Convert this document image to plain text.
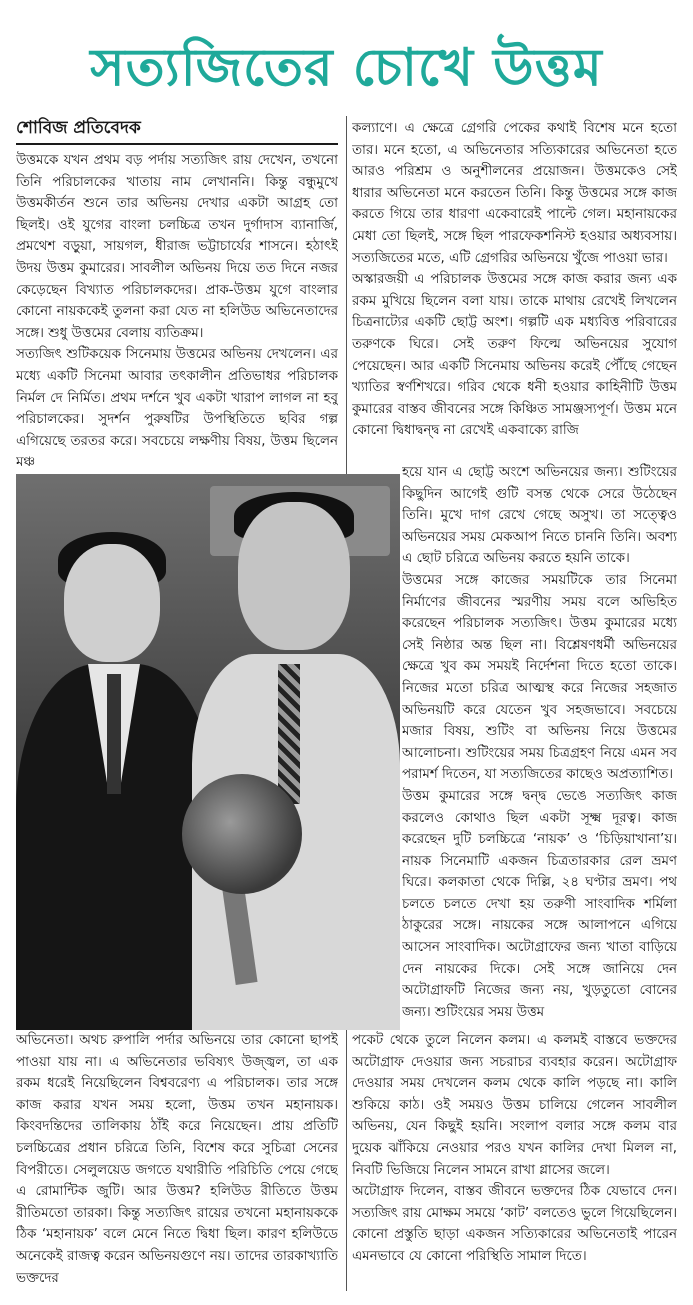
সত্যজিতের চোখে উত্তম
শোবিজ প্রতিবেদক

উত্তমকে যখন প্রথম বড় পর্দায় সত্যজিৎ রায় দেখেন, তখনো তিনি পরিচালকের খাতায় নাম লেখাননি। কিন্তু বন্ধুমুখে উত্তমকীর্তন শুনে তার অভিনয় দেখার একটা আগ্রহ তো ছিলই। ওই যুগের বাংলা চলচ্চিত্র তখন দুর্গাদাস ব্যানার্জি, প্রমথেশ বড়ুয়া, সায়গল, ধীরাজ ভট্টাচার্যের শাসনে। হঠাৎই উদয় উত্তম কুমারের। সাবলীল অভিনয় দিয়ে তত দিনে নজর কেড়েছেন বিখ্যাত পরিচালকদের। প্রাক-উত্তম যুগে বাংলার কোনো নায়ককেই তুলনা করা যেত না হলিউড অভিনেতাদের সঙ্গে। শুধু উত্তমের বেলায় ব্যতিক্রম।

সত্যজিৎ শুটিকয়েক সিনেমায় উত্তমের অভিনয় দেখলেন। এর মধ্যে একটি সিনেমা আবার তৎকালীন প্রতিভাধর পরিচালক নির্মল দে নির্মিত। প্রথম দর্শনে খুব একটা খারাপ লাগল না হবু পরিচালকের। সুদর্শন পুরুষটির উপস্থিতিতে ছবির গল্প এগিয়েছে তরতর করে। সবচেয়ে লক্ষণীয় বিষয়, উত্তম ছিলেন মঞ্চ

অভিনেতা। অথচ রুপালি পর্দার অভিনয়ে তার কোনো ছাপই পাওয়া যায় না। এ অভিনেতার ভবিষ্যৎ উজ্জ্বল, তা এক রকম ধরেই নিয়েছিলেন বিশ্ববরেণ্য এ পরিচালক। তার সঙ্গে কাজ করার যখন সময় হলো, উত্তম তখন মহানায়ক। কিংবদন্তিদের তালিকায় ঠাঁই করে নিয়েছেন। প্রায় প্রতিটি চলচ্চিত্রের প্রধান চরিত্রে তিনি, বিশেষ করে সুচিত্রা সেনের বিপরীতে। সেলুলয়েড জগতে যথারীতি পরিচিতি পেয়ে গেছে এ রোমান্টিক জুটি। আর উত্তম? হলিউড রীতিতে উত্তম রীতিমতো তারকা। কিন্তু সত্যজিৎ রায়ের তখনো মহানায়ককে ঠিক ‘মহানায়ক’ বলে মেনে নিতে দ্বিধা ছিল। কারণ হলিউডে অনেকেই রাজত্ব করেন অভিনয়গুণে নয়। তাদের তারকাখ্যাতি ভক্তদের

কল্যাণে। এ ক্ষেত্রে গ্রেগরি পেকের কথাই বিশেষ মনে হতো তার। মনে হতো, এ অভিনেতার সত্যিকারের অভিনেতা হতে আরও পরিশ্রম ও অনুশীলনের প্রয়োজন। উত্তমকেও সেই ধারার অভিনেতা মনে করতেন তিনি। কিন্তু উত্তমের সঙ্গে কাজ করতে গিয়ে তার ধারণা একেবারেই পাল্টে গেল। মহানায়কের মেধা তো ছিলই, সঙ্গে ছিল পারফেকশনিস্ট হওয়ার অধ্যবসায়। সত্যজিতের মতে, এটি গ্রেগরির অভিনয়ে খুঁজে পাওয়া ভার।

অস্কারজয়ী এ পরিচালক উত্তমের সঙ্গে কাজ করার জন্য এক রকম মুখিয়ে ছিলেন বলা যায়। তাকে মাথায় রেখেই লিখলেন চিত্রনাট্যের একটি ছোট্ট অংশ। গল্পটি এক মধ্যবিত্ত পরিবারের তরুণকে ঘিরে। সেই তরুণ ফিল্মে অভিনয়ের সুযোগ পেয়েছেন। আর একটি সিনেমায় অভিনয় করেই পৌঁছে গেছেন খ্যাতির স্বর্ণশিখরে। গরিব থেকে ধনী হওয়ার কাহিনীটি উত্তম কুমারের বাস্তব জীবনের সঙ্গে কিঞ্চিত সামঞ্জস্যপূর্ণ। উত্তম মনে কোনো দ্বিধাদ্বন্দ্ব না রেখেই একবাক্যে রাজি

হয়ে যান এ ছোট্ট অংশে অভিনয়ের জন্য। শুটিংয়ের কিছুদিন আগেই গুটি বসন্ত থেকে সেরে উঠেছেন তিনি। মুখে দাগ রেখে গেছে অসুখ। তা সত্ত্বেও অভিনয়ের সময় মেকআপ নিতে চাননি তিনি। অবশ্য এ ছোট চরিত্রে অভিনয় করতে হয়নি তাকে।

উত্তমের সঙ্গে কাজের সময়টিকে তার সিনেমা নির্মাণের জীবনের স্মরণীয় সময় বলে অভিহিত করেছেন পরিচালক সত্যজিৎ। উত্তম কুমারের মধ্যে সেই নিষ্ঠার অন্ত ছিল না। বিশ্লেষণধর্মী অভিনয়ের ক্ষেত্রে খুব কম সময়ই নির্দেশনা দিতে হতো তাকে। নিজের মতো চরিত্র আত্মস্থ করে নিজের সহজাত অভিনয়টি করে যেতেন খুব সহজভাবে। সবচেয়ে মজার বিষয়, শুটিং বা অভিনয় নিয়ে উত্তমের আলোচনা। শুটিংয়ের সময় চিত্রগ্রহণ নিয়ে এমন সব পরামর্শ দিতেন, যা সত্যজিতের কাছেও অপ্রত্যাশিত।

উত্তম কুমারের সঙ্গে দ্বন্দ্ব ভেঙে সত্যজিৎ কাজ করলেও কোথাও ছিল একটা সূক্ষ্ম দূরত্ব। কাজ করেছেন দুটি চলচ্চিত্রে ‘নায়ক’ ও ‘চিড়িয়াখানা’য়। নায়ক সিনেমাটি একজন চিত্রতারকার রেল ভ্রমণ ঘিরে। কলকাতা থেকে দিল্লি, ২৪ ঘণ্টার ভ্রমণ। পথ চলতে চলতে দেখা হয় তরুণী সাংবাদিক শর্মিলা ঠাকুরের সঙ্গে। নায়কের সঙ্গে আলাপনে এগিয়ে আসেন সাংবাদিক। অটোগ্রাফের জন্য খাতা বাড়িয়ে দেন নায়কের দিকে। সেই সঙ্গে জানিয়ে দেন অটোগ্রাফটি নিজের জন্য নয়, খুড়তুতো বোনের জন্য। শুটিংয়ের সময় উত্তম

পকেট থেকে তুলে নিলেন কলম। এ কলমই বাস্তবে ভক্তদের অটোগ্রাফ দেওয়ার জন্য সচরাচর ব্যবহার করেন। অটোগ্রাফ দেওয়ার সময় দেখলেন কলম থেকে কালি পড়ছে না। কালি শুকিয়ে কাঠ। ওই সময়ও উত্তম চালিয়ে গেলেন সাবলীল অভিনয়, যেন কিছুই হয়নি। সংলাপ বলার সঙ্গে কলম বার দুয়েক ঝাঁকিয়ে নেওয়ার পরও যখন কালির দেখা মিলল না, নিবটি ভিজিয়ে নিলেন সামনে রাখা গ্লাসের জলে।

অটোগ্রাফ দিলেন, বাস্তব জীবনে ভক্তদের ঠিক যেভাবে দেন। সত্যজিৎ রায় মোক্ষম সময়ে ‘কাট’ বলতেও ভুলে গিয়েছিলেন। কোনো প্রস্তুতি ছাড়া একজন সত্যিকারের অভিনেতাই পারেন এমনভাবে যে কোনো পরিস্থিতি সামাল দিতে।
